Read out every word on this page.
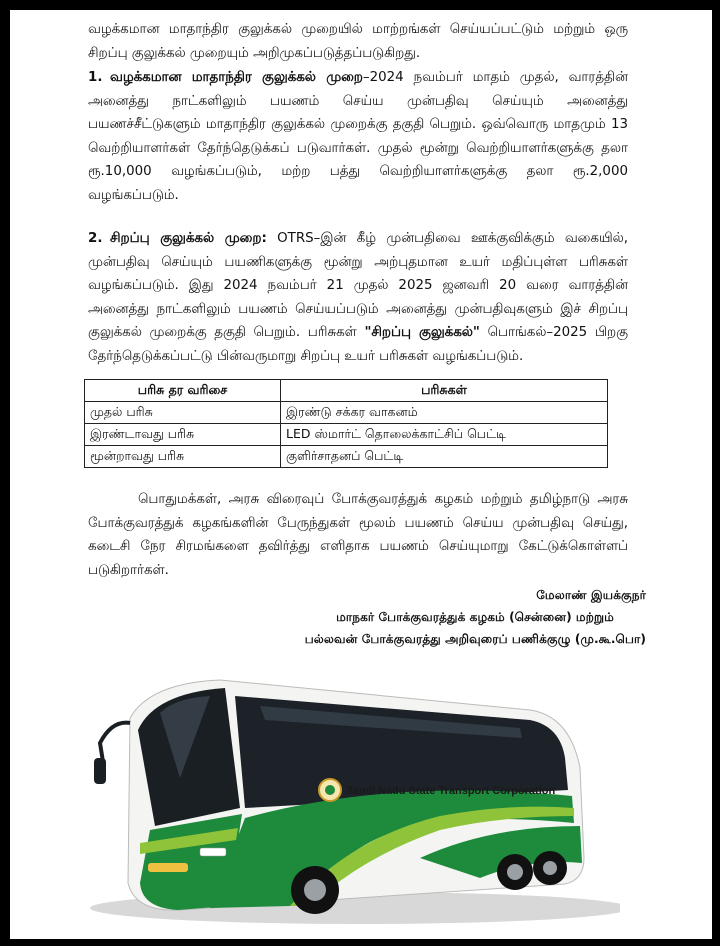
வழக்கமான மாதாந்திர குலுக்கல் முறையில் மாற்றங்கள் செய்யப்பட்டும் மற்றும் ஒரு சிறப்பு குலுக்கல் முறையும் அறிமுகப்படுத்தப்படுகிறது.
1. வழக்கமான மாதாந்திர குலுக்கல் முறை–2024 நவம்பர் மாதம் முதல், வாரத்தின் அனைத்து நாட்களிலும் பயணம் செய்ய முன்பதிவு செய்யும் அனைத்து பயணச்சீட்டுகளும் மாதாந்திர குலுக்கல் முறைக்கு தகுதி பெறும். ஒவ்வொரு மாதமும் 13 வெற்றியாளர்கள் தேர்ந்தெடுக்கப் படுவார்கள். முதல் மூன்று வெற்றியாளர்களுக்கு தலா ரூ.10,000 வழங்கப்படும், மற்ற பத்து வெற்றியாளர்களுக்கு தலா ரூ.2,000 வழங்கப்படும்.
2. சிறப்பு குலுக்கல் முறை: OTRS–இன் கீழ் முன்பதிவை ஊக்குவிக்கும் வகையில், முன்பதிவு செய்யும் பயணிகளுக்கு மூன்று அற்புதமான உயர் மதிப்புள்ள பரிசுகள் வழங்கப்படும். இது 2024 நவம்பர் 21 முதல் 2025 ஜனவரி 20 வரை வாரத்தின் அனைத்து நாட்களிலும் பயணம் செய்யப்படும் அனைத்து முன்பதிவுகளும் இச் சிறப்பு குலுக்கல் முறைக்கு தகுதி பெறும். பரிசுகள் "சிறப்பு குலுக்கல்" பொங்கல்–2025 பிறகு தேர்ந்தெடுக்கப்பட்டு பின்வருமாறு சிறப்பு உயர் பரிசுகள் வழங்கப்படும்.
பரிசு தர வரிசை	பரிசுகள்
முதல் பரிசு	இரண்டு சக்கர வாகனம்
இரண்டாவது பரிசு	LED ஸ்மார்ட் தொலைக்காட்சிப் பெட்டி
மூன்றாவது பரிசு	குளிர்சாதனப் பெட்டி
பொதுமக்கள், அரசு விரைவுப் போக்குவரத்துக் கழகம் மற்றும் தமிழ்நாடு அரசு போக்குவரத்துக் கழகங்களின் பேருந்துகள் மூலம் பயணம் செய்ய முன்பதிவு செய்து, கடைசி நேர சிரமங்களை தவிர்த்து எளிதாக பயணம் செய்யுமாறு கேட்டுக்கொள்ளப் படுகிறார்கள்.
மேலாண் இயக்குநர்
மாநகர் போக்குவரத்துக் கழகம் (சென்னை) மற்றும்
பல்லவன் போக்குவரத்து அறிவுரைப் பணிக்குழு (மு.கூ.பொ)
Tamil Nadu State Transport Corporation
